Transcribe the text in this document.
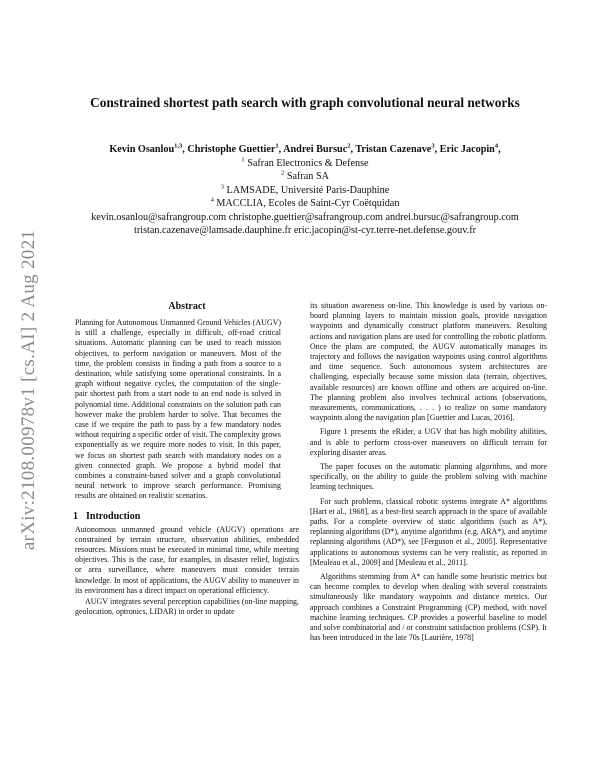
arXiv:2108.00978v1 [cs.AI] 2 Aug 2021
Constrained shortest path search with graph convolutional neural networks
Kevin Osanlou$^{1,3}$, Christophe Guettier$^1$, Andrei Bursuc$^2$, Tristan Cazenave$^3$, Eric Jacopin$^4$,
$^1$ Safran Electronics & Defense
$^2$ Safran SA
$^3$ LAMSADE, Université Paris-Dauphine
$^4$ MACCLIA, Ecoles de Saint-Cyr Coëtquidan
kevin.osanlou@safrangroup.com christophe.guettier@safrangroup.com andrei.bursuc@safrangroup.com
tristan.cazenave@lamsade.dauphine.fr eric.jacopin@st-cyr.terre-net.defense.gouv.fr
Abstract

Planning for Autonomous Unmanned Ground Vehicles (AUGV) is still a challenge, especially in difficult, off-road critical situations. Automatic planning can be used to reach mission objectives, to perform navigation or maneuvers. Most of the time, the problem consists in finding a path from a source to a destination, while satisfying some operational constraints. In a graph without negative cycles, the computation of the single-pair shortest path from a start node to an end node is solved in polynomial time. Additional constraints on the solution path can however make the problem harder to solve. That becomes the case if we require the path to pass by a few mandatory nodes without requiring a specific order of visit. The complexity grows exponentially as we require more nodes to visit. In this paper, we focus on shortest path search with mandatory nodes on a given connected graph. We propose a hybrid model that combines a constraint-based solver and a graph convolutional neural network to improve search performance. Promising results are obtained on realistic scenarios.

1 Introduction

Autonomous unmanned ground vehicle (AUGV) operations are constrained by terrain structure, observation abilities, embedded resources. Missions must be executed in minimal time, while meeting objectives. This is the case, for examples, in disaster relief, logistics or area surveillance, where maneuvers must consider terrain knowledge. In most of applications, the AUGV ability to maneuver in its environment has a direct impact on operational efficiency.

AUGV integrates several perception capabilities (on-line mapping, geolocation, optronics, LIDAR) in order to update

its situation awareness on-line. This knowledge is used by various on-board planning layers to maintain mission goals, provide navigation waypoints and dynamically construct platform maneuvers. Resulting actions and navigation plans are used for controlling the robotic platform. Once the plans are computed, the AUGV automatically manages its trajectory and follows the navigation waypoints using control algorithms and time sequence. Such autonomous system architectures are challenging, especially because some mission data (terrain, objectives, available resources) are known offline and others are acquired on-line. The planning problem also involves technical actions (observations, measurements, communications, . . . ) to realize on some mandatory waypoints along the navigation plan [Guettier and Lucas, 2016].

Figure 1 presents the eRider, a UGV that has high mobility abilities, and is able to perform cross-over maneuvers on difficult terrain for exploring disaster areas.

The paper focuses on the automatic planning algorithms, and more specifically, on the ability to guide the problem solving with machine learning techniques.

For such problems, classical robotic systems integrate A* algorithms [Hart et al., 1968], as a best-first search approach in the space of available paths. For a complete overview of static algorithms (such as A*), replanning algorithms (D*), anytime algorithms (e.g. ARA*), and anytime replanning algorithms (AD*), see [Ferguson et al., 2005]. Representative applications to autonomous systems can be very realistic, as reported in [Meuleau et al., 2009] and [Meuleau et al., 2011].

Algorithms stemming from A* can handle some heuristic metrics but can become complex to develop when dealing with several constraints simultaneously like mandatory waypoints and distance metrics. Our approach combines a Constraint Programming (CP) method, with novel machine learning techniques. CP provides a powerful baseline to model and solve combinatorial and / or constraint satisfaction problems (CSP). It has been introduced in the late 70s [Laurière, 1978]
